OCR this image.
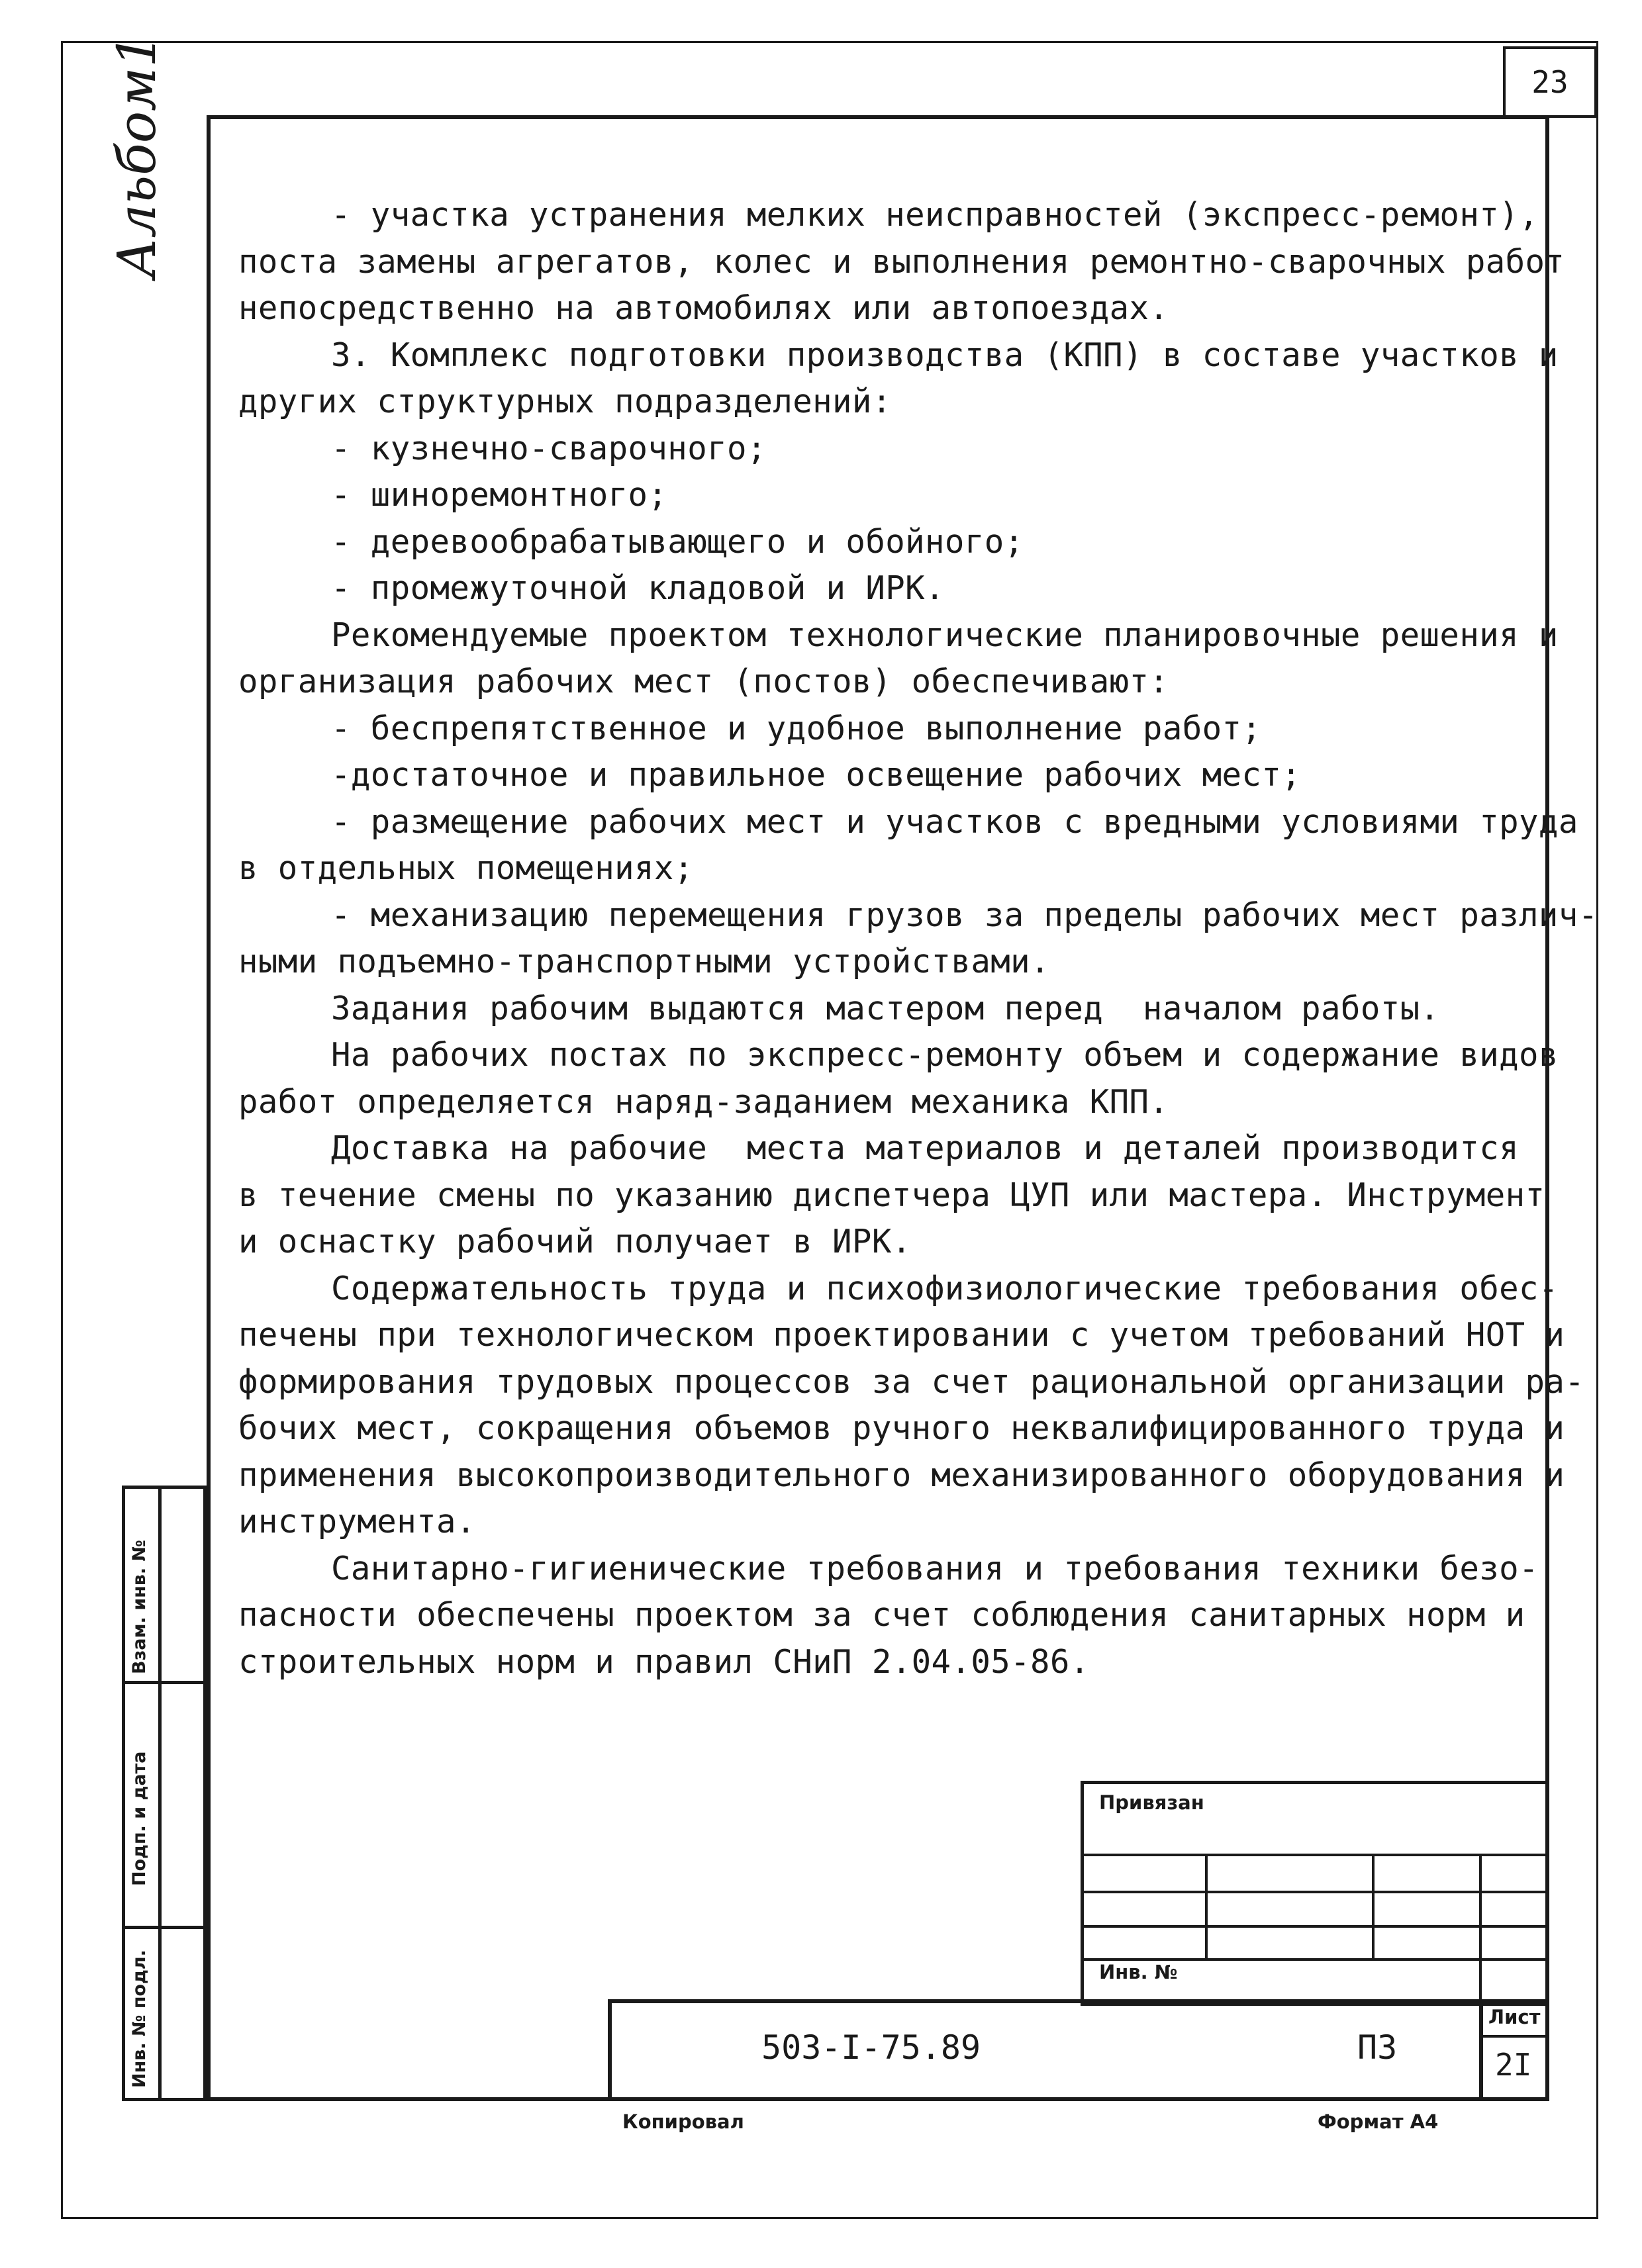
23
Альбом1	- участка устранения мелких неисправностей (экспресс-ремонт),

поста замены агрегатов, колес и выполнения ремонтно-сварочных работ

непосредственно на автомобилях или автопоездах.

3. Комплекс подготовки производства (КПП) в составе участков и

других структурных подразделений:

- кузнечно-сварочного;

- шиноремонтного;

- деревообрабатывающего и обойного;

- промежуточной кладовой и ИРК.

Рекомендуемые проектом технологические планировочные решения и

организация рабочих мест (постов) обеспечивают:

- беспрепятственное и удобное выполнение работ;

-достаточное и правильное освещение рабочих мест;

- размещение рабочих мест и участков с вредными условиями труда

в отдельных помещениях;

- механизацию перемещения грузов за пределы рабочих мест различ-

ными подъемно-транспортными устройствами.

Задания рабочим выдаются мастером перед  началом работы.

На рабочих постах по экспресс-ремонту объем и содержание видов

работ определяется наряд-заданием механика КПП.

Доставка на рабочие  места материалов и деталей производится

в течение смены по указанию диспетчера ЦУП или мастера. Инструмент

и оснастку рабочий получает в ИРК.

Содержательность труда и психофизиологические требования обес-

печены при технологическом проектировании с учетом требований НОТ и

формирования трудовых процессов за счет рациональной организации ра-

бочих мест, сокращения объемов ручного неквалифицированного труда и

применения высокопроизводительного механизированного оборудования и

инструмента.

Санитарно-гигиенические требования и требования техники безо-

пасности обеспечены проектом за счет соблюдения санитарных норм и

строительных норм и правил СНиП 2.04.05-86.

Взам. инв. №
Подп. и дата
Инв. № подл.
Привязан
Инв. №
503-I-75.89	ПЗ
Лист
2I
Копировал	Формат А4
